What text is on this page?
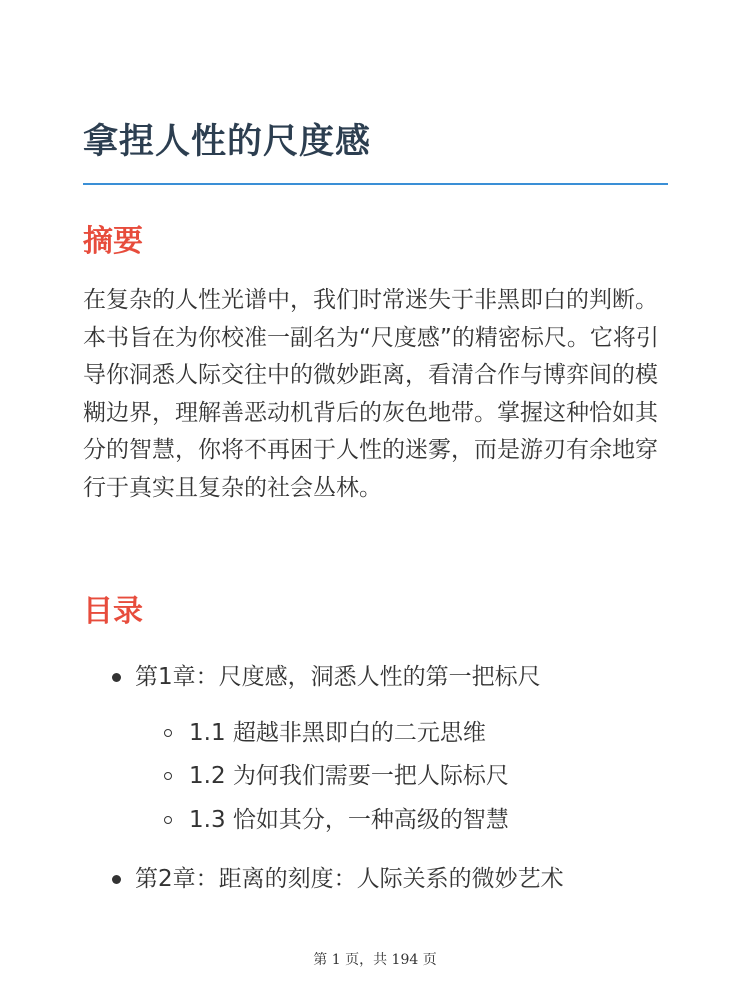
拿捏人性的尺度感
摘要

在复杂的人性光谱中，我们时常迷失于非黑即白的判断。本书旨在为你校准一副名为“尺度感”的精密标尺。它将引导你洞悉人际交往中的微妙距离，看清合作与博弈间的模糊边界，理解善恶动机背后的灰色地带。掌握这种恰如其分的智慧，你将不再困于人性的迷雾，而是游刃有余地穿行于真实且复杂的社会丛林。

目录
第1章：尺度感，洞悉人性的第一把标尺
1.1 超越非黑即白的二元思维
1.2 为何我们需要一把人际标尺
1.3 恰如其分，一种高级的智慧
第2章：距离的刻度：人际关系的微妙艺术
第 1 页，共 194 页
